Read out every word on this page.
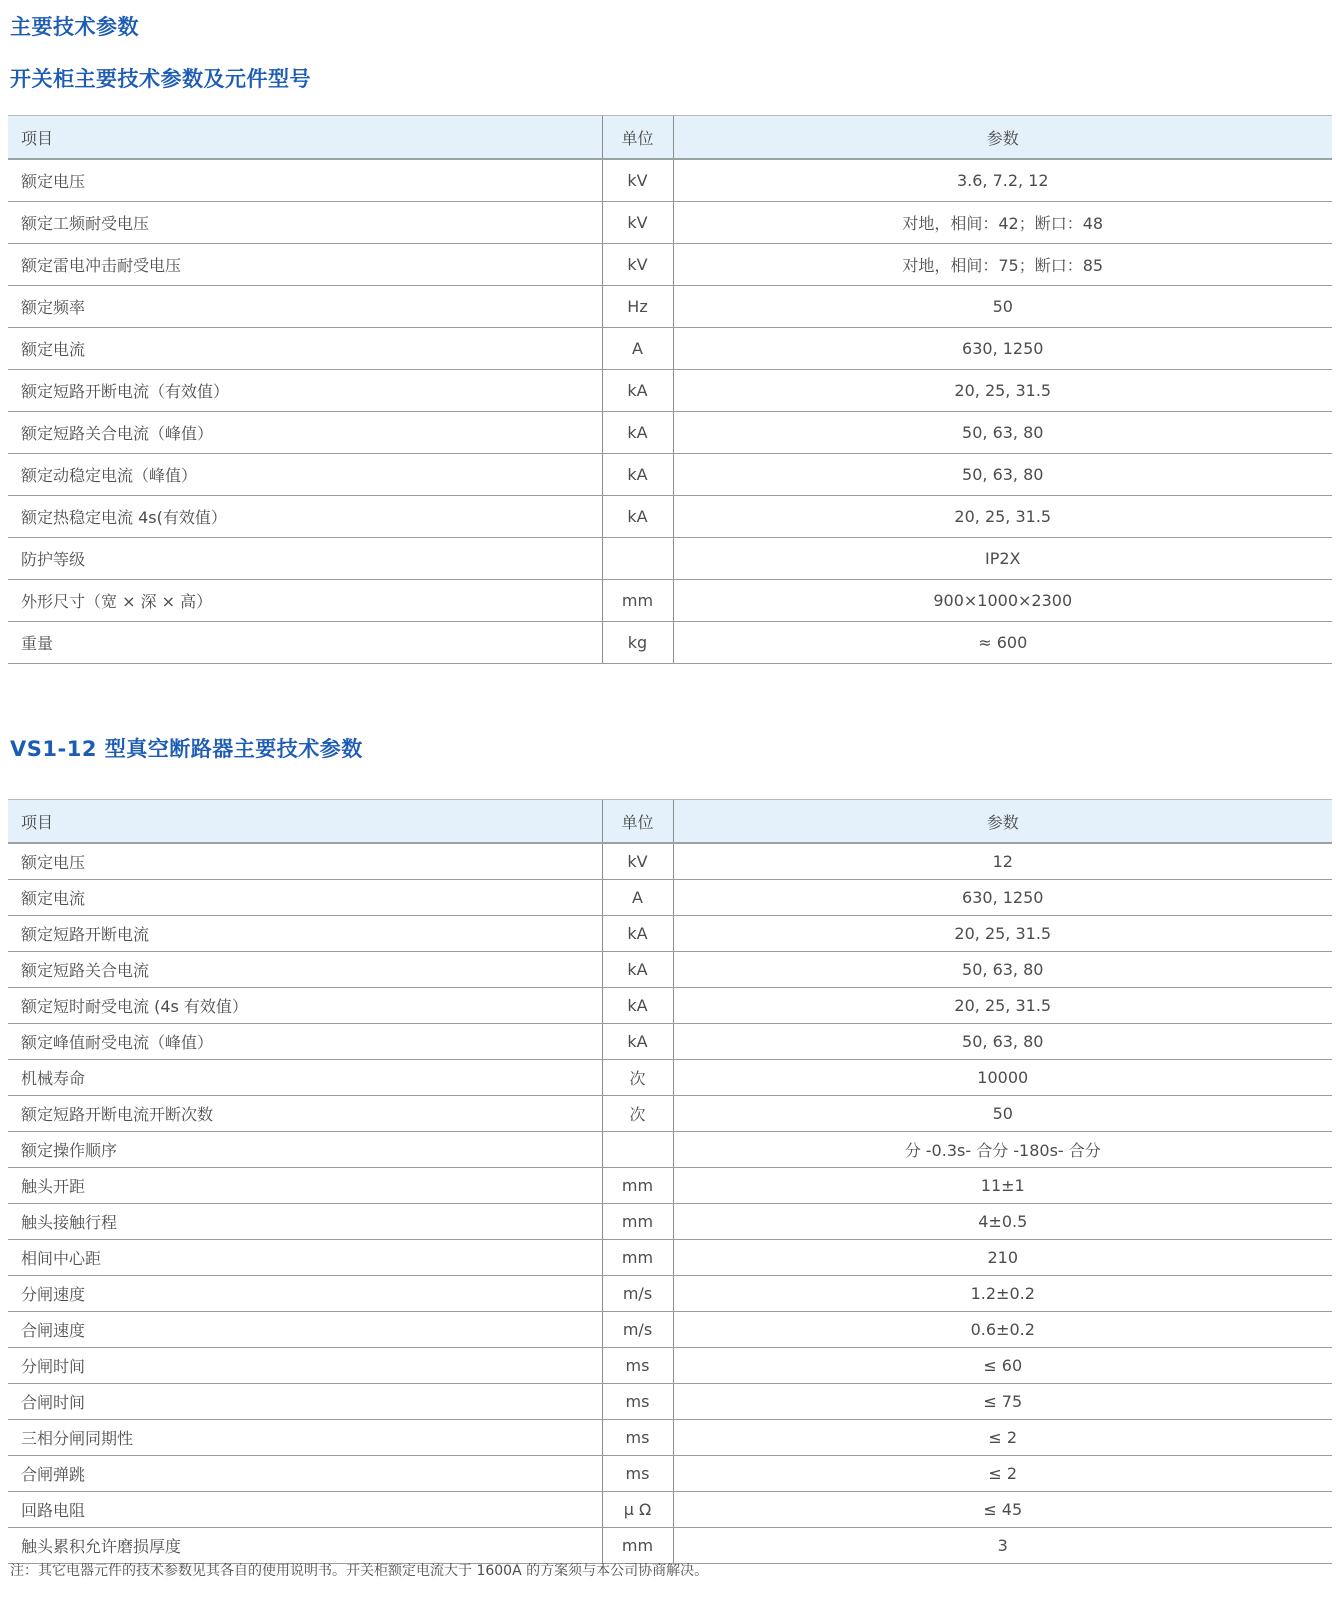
主要技术参数
开关柜主要技术参数及元件型号
项目	单位	参数
额定电压	kV	3.6, 7.2, 12
额定工频耐受电压	kV	对地，相间：42；断口：48
额定雷电冲击耐受电压	kV	对地，相间：75；断口：85
额定频率	Hz	50
额定电流	A	630, 1250
额定短路开断电流（有效值）	kA	20, 25, 31.5
额定短路关合电流（峰值）	kA	50, 63, 80
额定动稳定电流（峰值）	kA	50, 63, 80
额定热稳定电流 4s(有效值）	kA	20, 25, 31.5
防护等级		IP2X
外形尺寸（宽 × 深 × 高）	mm	900×1000×2300
重量	kg	≈ 600
VS1-12 型真空断路器主要技术参数
项目	单位	参数
额定电压	kV	12
额定电流	A	630, 1250
额定短路开断电流	kA	20, 25, 31.5
额定短路关合电流	kA	50, 63, 80
额定短时耐受电流 (4s 有效值）	kA	20, 25, 31.5
额定峰值耐受电流（峰值）	kA	50, 63, 80
机械寿命	次	10000
额定短路开断电流开断次数	次	50
额定操作顺序		分 -0.3s- 合分 -180s- 合分
触头开距	mm	11±1
触头接触行程	mm	4±0.5
相间中心距	mm	210
分闸速度	m/s	1.2±0.2
合闸速度	m/s	0.6±0.2
分闸时间	ms	≤ 60
合闸时间	ms	≤ 75
三相分闸同期性	ms	≤ 2
合闸弹跳	ms	≤ 2
回路电阻	μ Ω	≤ 45
触头累积允许磨损厚度	mm	3
注：其它电器元件的技术参数见其各自的使用说明书。开关柜额定电流大于 1600A 的方案须与本公司协商解决。
